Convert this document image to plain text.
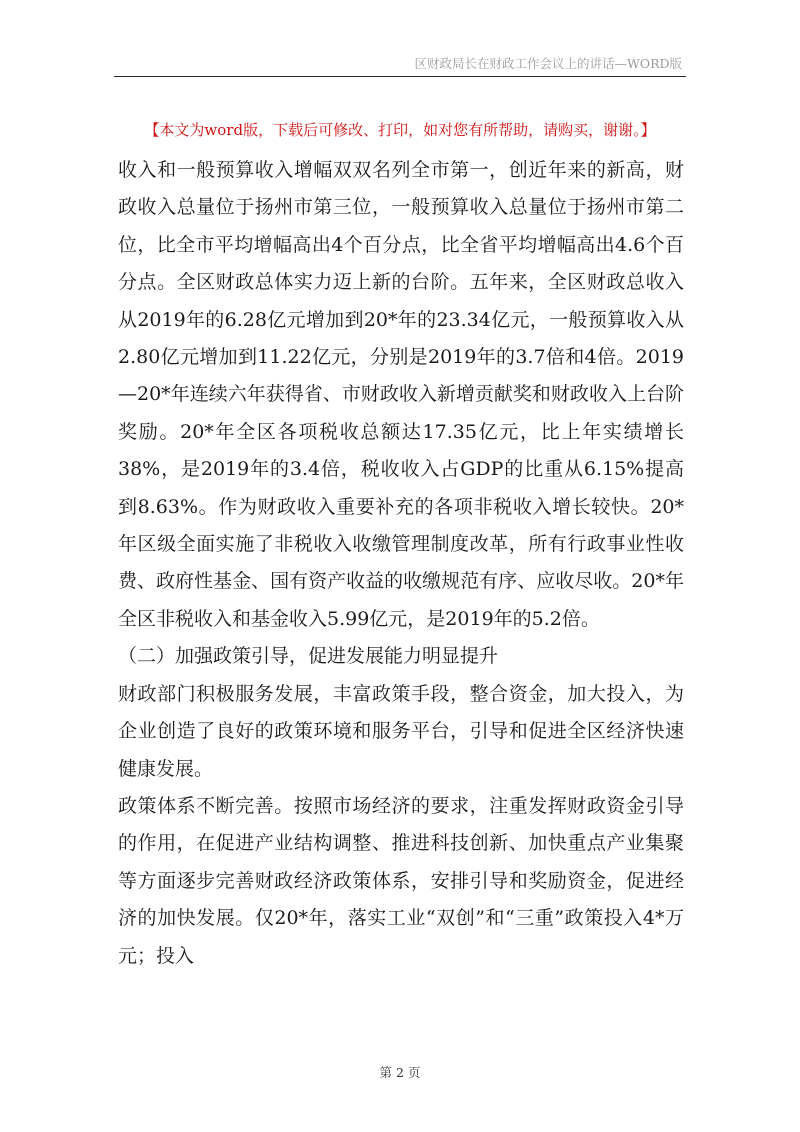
区财政局长在财政工作会议上的讲话—WORD版
【本文为word版，下载后可修改、打印，如对您有所帮助，请购买，谢谢。】

收入和一般预算收入增幅双双名列全市第一，创近年来的新高，财政收入总量位于扬州市第三位，一般预算收入总量位于扬州市第二位，比全市平均增幅高出4个百分点，比全省平均增幅高出4.6个百分点。全区财政总体实力迈上新的台阶。五年来，全区财政总收入从2019年的6.28亿元增加到20*年的23.34亿元，一般预算收入从2.80亿元增加到11.22亿元，分别是2019年的3.7倍和4倍。2019—20*年连续六年获得省、市财政收入新增贡献奖和财政收入上台阶奖励。20*年全区各项税收总额达17.35亿元，比上年实绩增长38%，是2019年的3.4倍，税收收入占GDP的比重从6.15%提高到8.63%。作为财政收入重要补充的各项非税收入增长较快。20*年区级全面实施了非税收入收缴管理制度改革，所有行政事业性收费、政府性基金、国有资产收益的收缴规范有序、应收尽收。20*年全区非税收入和基金收入5.99亿元，是2019年的5.2倍。

（二）加强政策引导，促进发展能力明显提升

财政部门积极服务发展，丰富政策手段，整合资金，加大投入，为企业创造了良好的政策环境和服务平台，引导和促进全区经济快速健康发展。

政策体系不断完善。按照市场经济的要求，注重发挥财政资金引导的作用，在促进产业结构调整、推进科技创新、加快重点产业集聚等方面逐步完善财政经济政策体系，安排引导和奖励资金，促进经济的加快发展。仅20*年，落实工业“双创”和“三重”政策投入4*万元；投入

第 2 页
